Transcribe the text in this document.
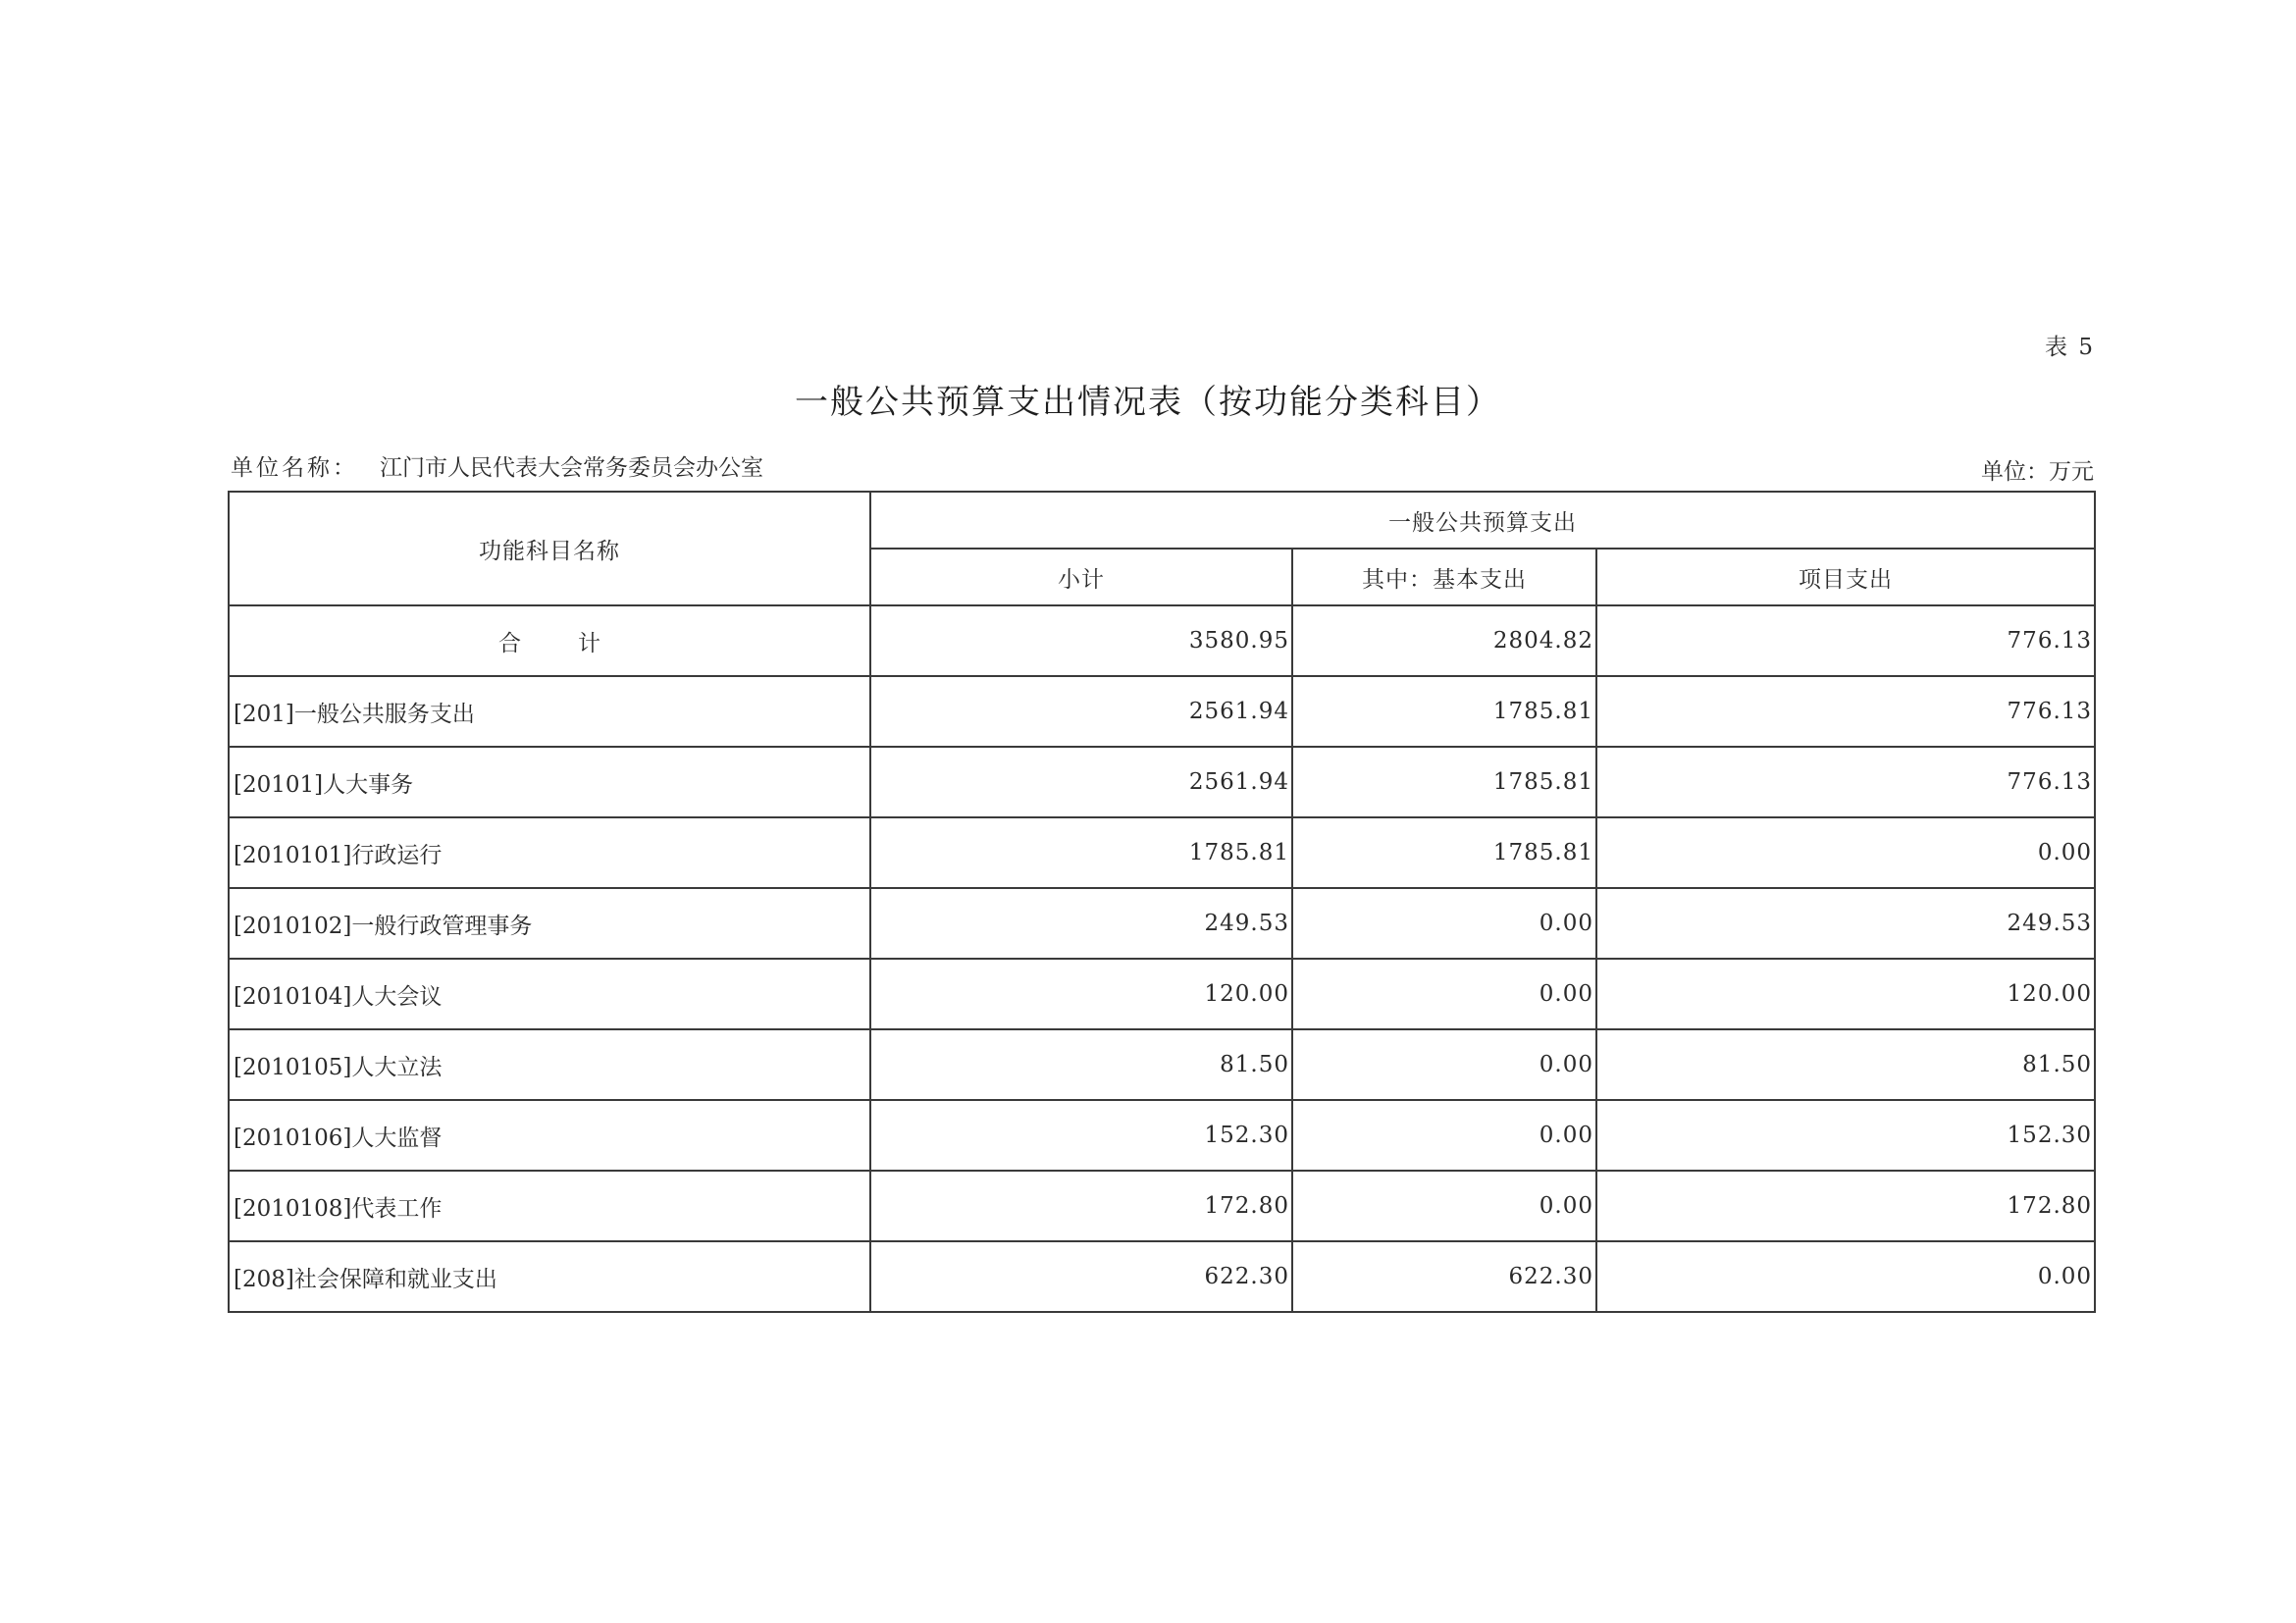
表 5
一般公共预算支出情况表（按功能分类科目）
单位名称： 江门市人民代表大会常务委员会办公室	单位：万元
功能科目名称	一般公共预算支出		
	小计	其中：基本支出	项目支出
合计	3580.95	2804.82	776.13
[201]一般公共服务支出	2561.94	1785.81	776.13
[20101]人大事务	2561.94	1785.81	776.13
[2010101]行政运行	1785.81	1785.81	0.00
[2010102]一般行政管理事务	249.53	0.00	249.53
[2010104]人大会议	120.00	0.00	120.00
[2010105]人大立法	81.50	0.00	81.50
[2010106]人大监督	152.30	0.00	152.30
[2010108]代表工作	172.80	0.00	172.80
[208]社会保障和就业支出	622.30	622.30	0.00
